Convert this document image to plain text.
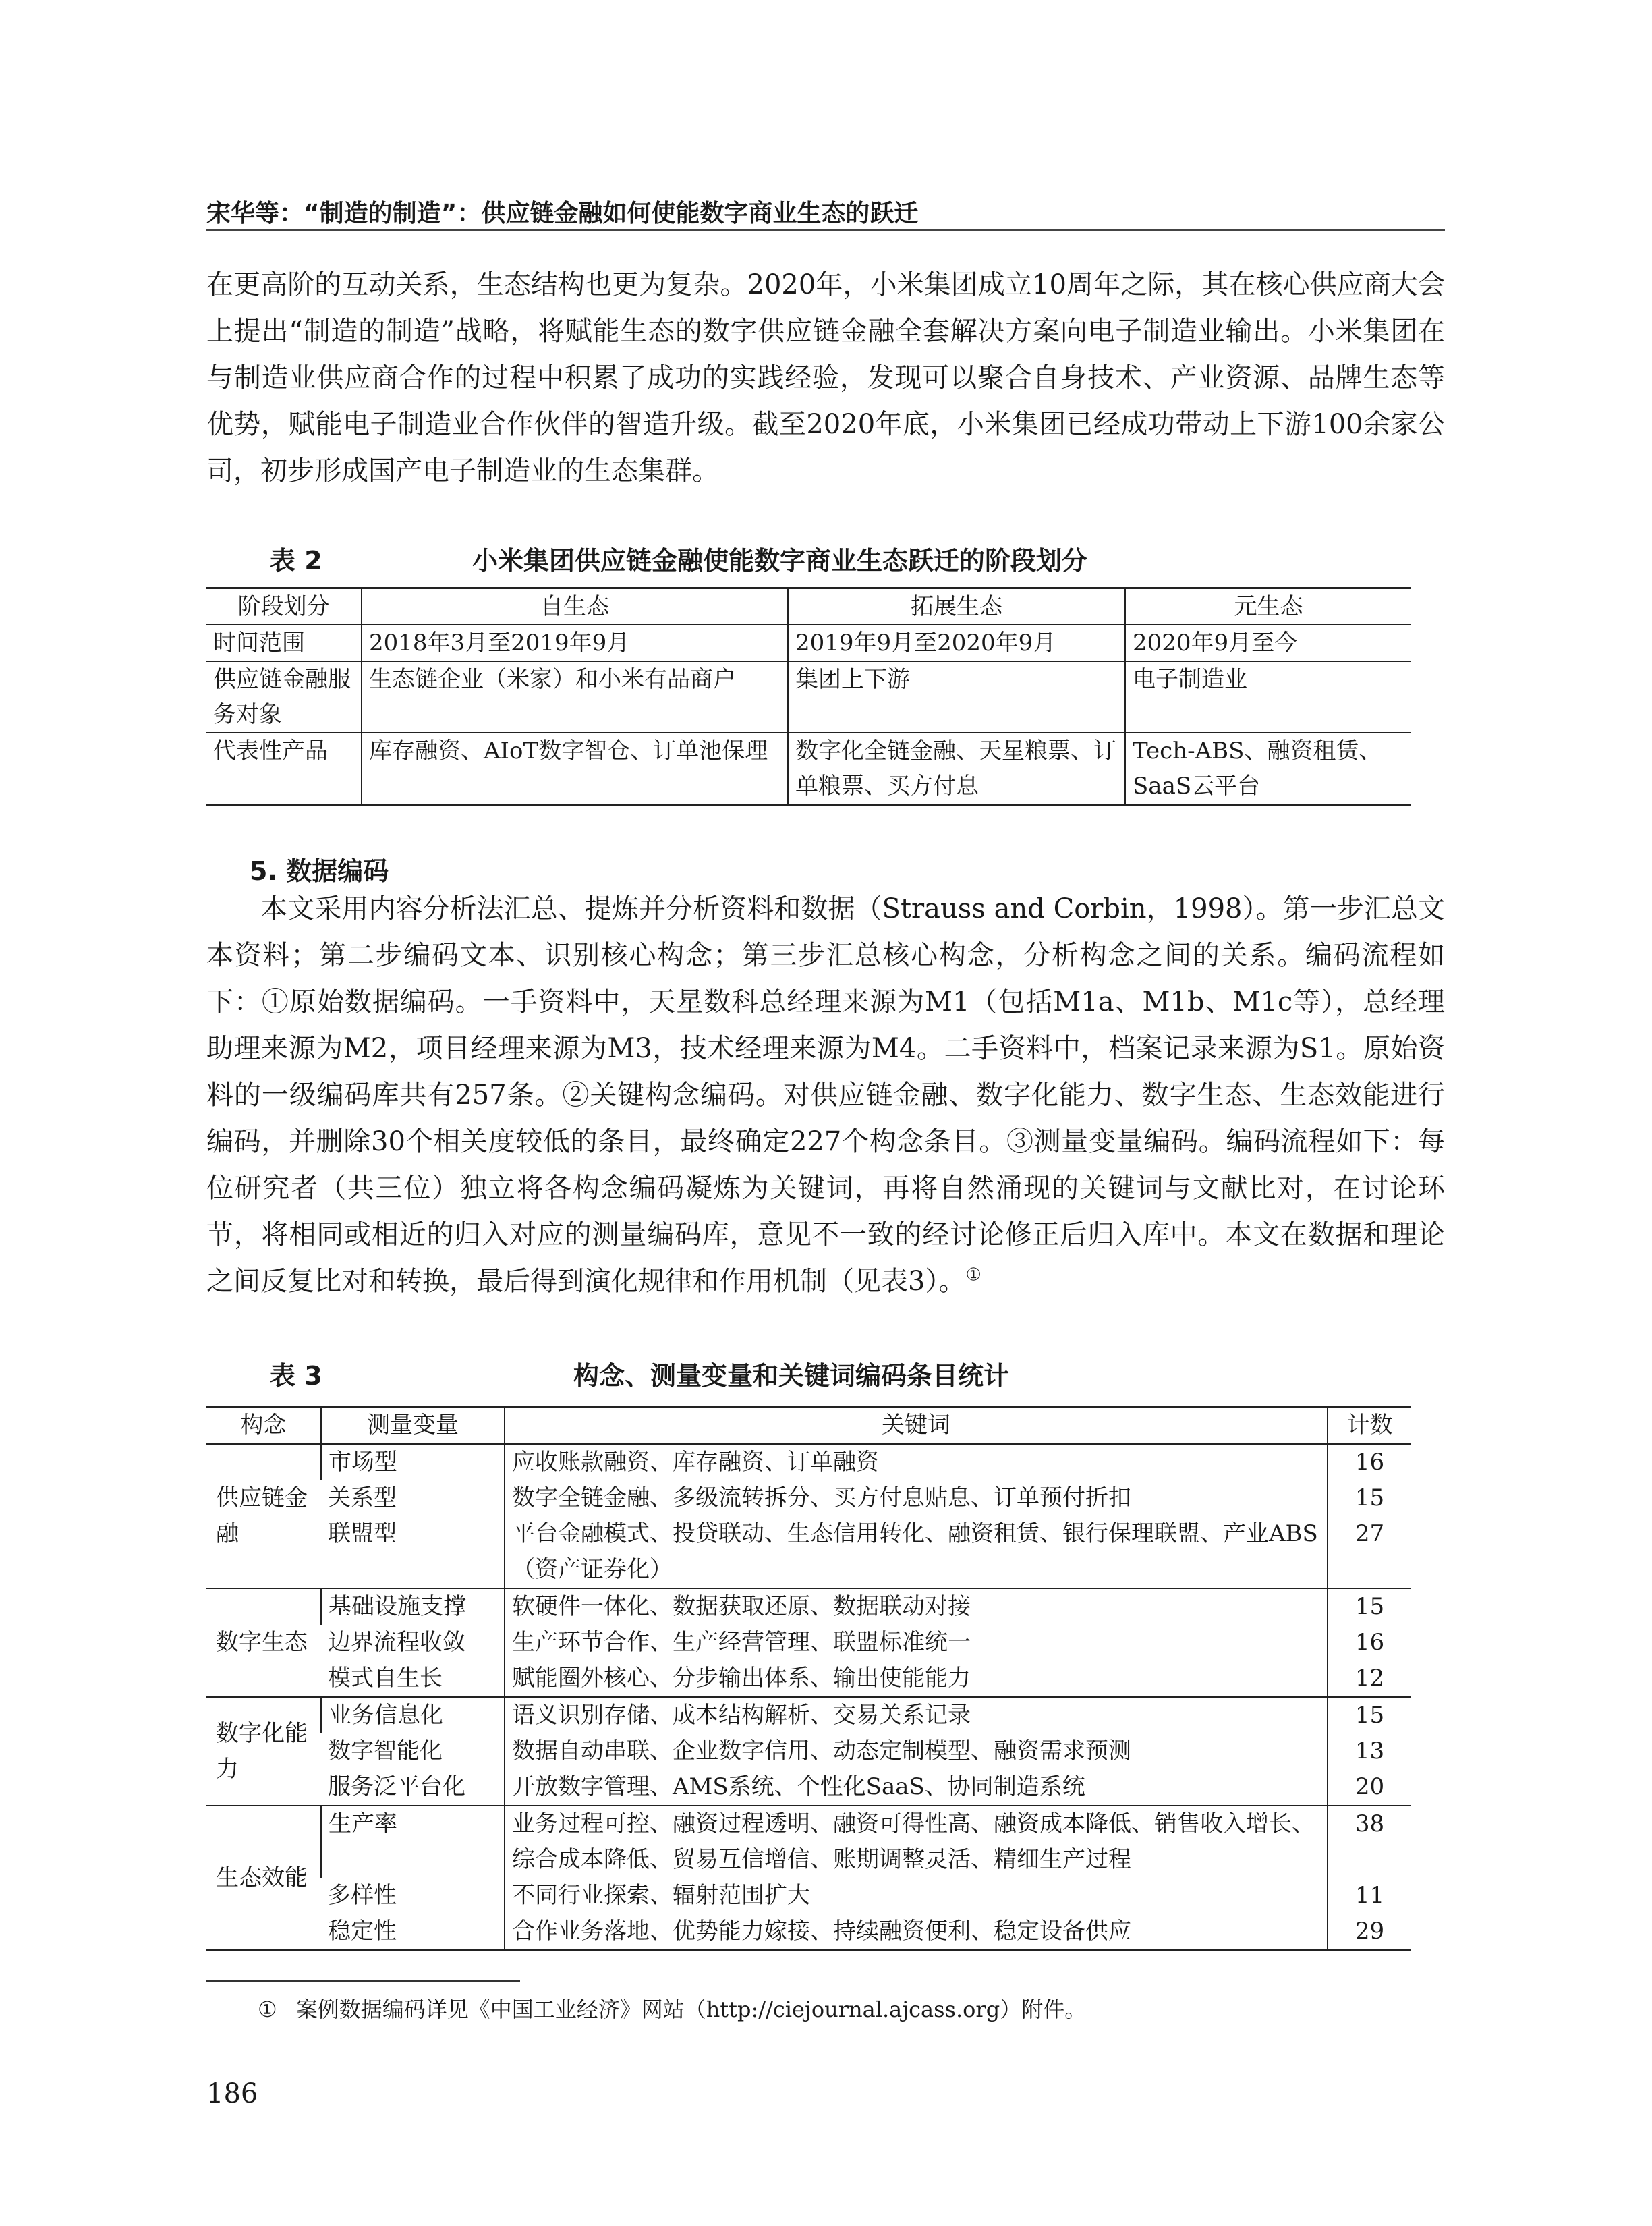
宋华等：“制造的制造”：供应链金融如何使能数字商业生态的跃迁

在更高阶的互动关系，生态结构也更为复杂。2020年，小米集团成立10周年之际，其在核心供应商大会上提出“制造的制造”战略，将赋能生态的数字供应链金融全套解决方案向电子制造业输出。小米集团在与制造业供应商合作的过程中积累了成功的实践经验，发现可以聚合自身技术、产业资源、品牌生态等优势，赋能电子制造业合作伙伴的智造升级。截至2020年底，小米集团已经成功带动上下游100余家公司，初步形成国产电子制造业的生态集群。

表 2	小米集团供应链金融使能数字商业生态跃迁的阶段划分
阶段划分	自生态	拓展生态	元生态
时间范围	2018年3月至2019年9月	2019年9月至2020年9月	2020年9月至今
供应链金融服务对象	生态链企业（米家）和小米有品商户	集团上下游	电子制造业
代表性产品	库存融资、AIoT数字智仓、订单池保理	数字化全链金融、天星粮票、订单粮票、买方付息	Tech-ABS、融资租赁、SaaS云平台
5. 数据编码

本文采用内容分析法汇总、提炼并分析资料和数据（Strauss and Corbin，1998）。第一步汇总文本资料；第二步编码文本、识别核心构念；第三步汇总核心构念，分析构念之间的关系。编码流程如下：①原始数据编码。一手资料中，天星数科总经理来源为M1（包括M1a、M1b、M1c等），总经理助理来源为M2，项目经理来源为M3，技术经理来源为M4。二手资料中，档案记录来源为S1。原始资料的一级编码库共有257条。②关键构念编码。对供应链金融、数字化能力、数字生态、生态效能进行编码，并删除30个相关度较低的条目，最终确定227个构念条目。③测量变量编码。编码流程如下：每位研究者（共三位）独立将各构念编码凝炼为关键词，再将自然涌现的关键词与文献比对，在讨论环节，将相同或相近的归入对应的测量编码库，意见不一致的经讨论修正后归入库中。本文在数据和理论之间反复比对和转换，最后得到演化规律和作用机制（见表3）。①

表 3	构念、测量变量和关键词编码条目统计
构念	测量变量	关键词	计数
供应链金融	市场型	应收账款融资、库存融资、订单融资	16
	关系型	数字全链金融、多级流转拆分、买方付息贴息、订单预付折扣	15
	联盟型	平台金融模式、投贷联动、生态信用转化、融资租赁、银行保理联盟、产业ABS（资产证券化）	27
数字生态	基础设施支撑	软硬件一体化、数据获取还原、数据联动对接	15
	边界流程收敛	生产环节合作、生产经营管理、联盟标准统一	16
	模式自生长	赋能圈外核心、分步输出体系、输出使能能力	12
数字化能力	业务信息化	语义识别存储、成本结构解析、交易关系记录	15
	数字智能化	数据自动串联、企业数字信用、动态定制模型、融资需求预测	13
	服务泛平台化	开放数字管理、AMS系统、个性化SaaS、协同制造系统	20
生态效能	生产率	业务过程可控、融资过程透明、融资可得性高、融资成本降低、销售收入增长、综合成本降低、贸易互信增信、账期调整灵活、精细生产过程	38
	多样性	不同行业探索、辐射范围扩大	11
	稳定性	合作业务落地、优势能力嫁接、持续融资便利、稳定设备供应	29
① 案例数据编码详见《中国工业经济》网站（http://ciejournal.ajcass.org）附件。
186
